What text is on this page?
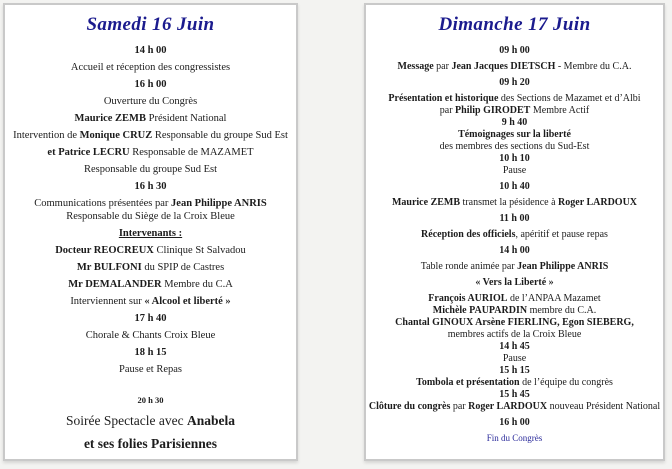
Samedi 16 Juin
14 h 00
Accueil et réception des congressistes
16 h 00
Ouverture du Congrès
Maurice ZEMB Président National
Intervention de Monique CRUZ Responsable du groupe Sud Est
et Patrice LECRU Responsable de MAZAMET
Responsable du groupe Sud Est
16 h 30
Communications présentées par Jean Philippe ANRIS
Responsable du Siège de la Croix Bleue
Intervenants :
Docteur REOCREUX Clinique St Salvadou
Mr BULFONI du SPIP de Castres
Mr DEMALANDER Membre du C.A
Interviennent sur « Alcool et liberté »
17 h 40
Chorale & Chants Croix Bleue
18 h 15
Pause et Repas
20 h 30
Soirée Spectacle avec Anabela
et ses folies Parisiennes
Dimanche 17 Juin
09 h 00
Message par Jean Jacques DIETSCH - Membre du C.A.
09 h 20
Présentation et historique des Sections de Mazamet et d’Albi
par Philip GIRODET Membre Actif
9 h 40
Témoignages sur la liberté
des membres des sections du Sud-Est
10 h 10
Pause
10 h 40
Maurice ZEMB transmet la pésidence à Roger LARDOUX
11 h 00
Réception des officiels, apéritif et pause repas
14 h 00
Table ronde animée par Jean Philippe ANRIS
« Vers la Liberté »
François AURIOL de l’ANPAA Mazamet
Michèle PAUPARDIN membre du C.A.
Chantal GINOUX Arsène FIERLING, Egon SIEBERG,
membres actifs de la Croix Bleue
14 h 45
Pause
15 h 15
Tombola et présentation de l’équipe du congrès
15 h 45
Clôture du congrès par Roger LARDOUX nouveau Président National
16 h 00
Fin du Congrès
